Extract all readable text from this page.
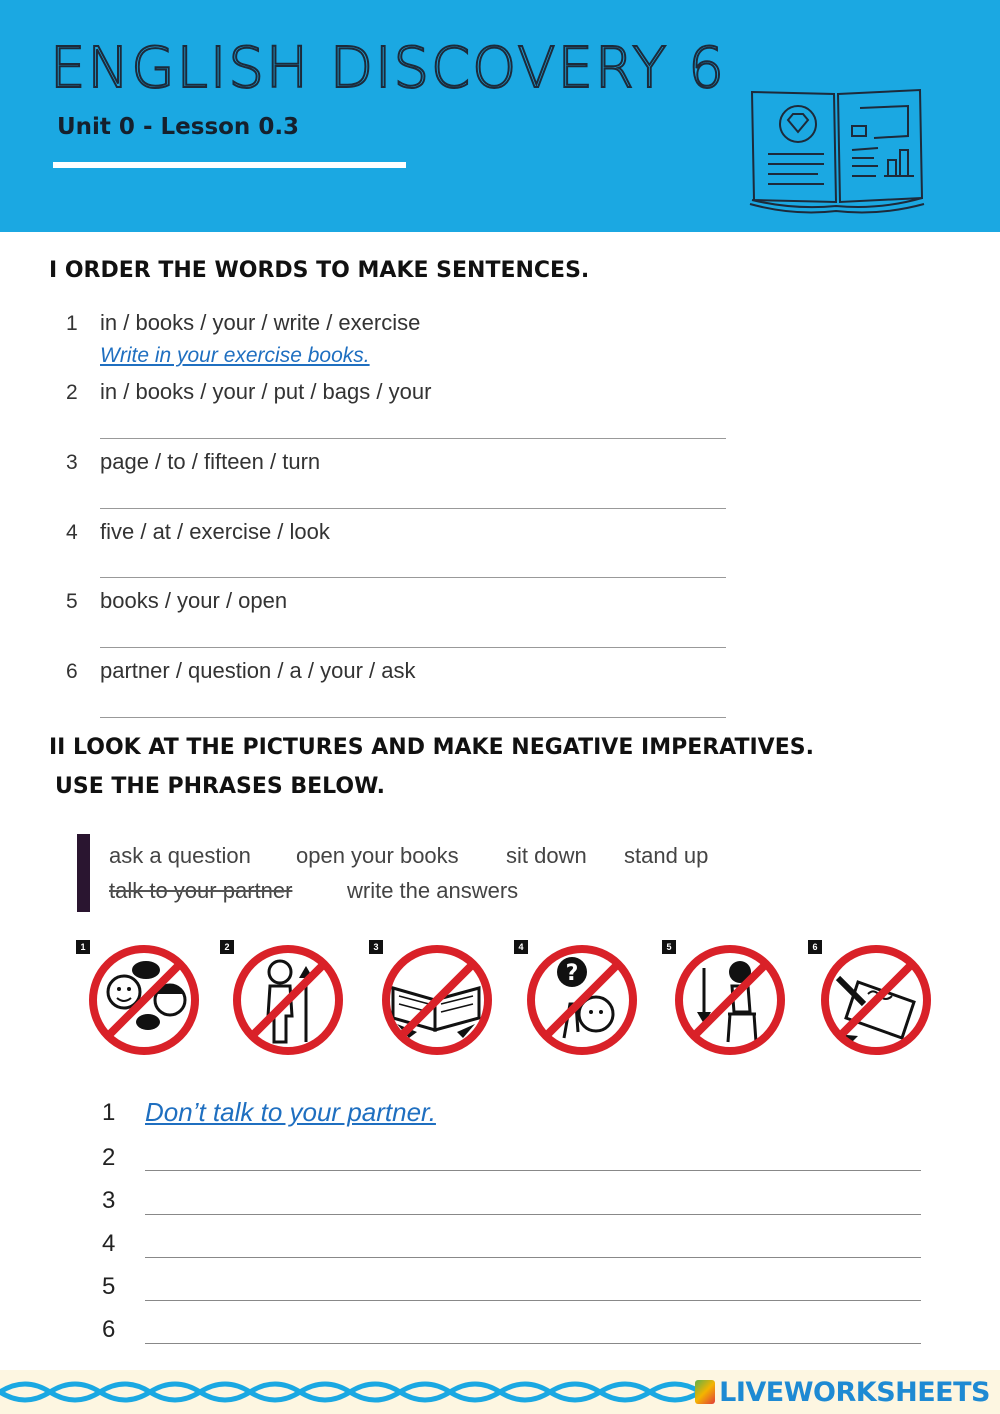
ENGLISH DISCOVERY 6
Unit 0 - Lesson 0.3
I ORDER THE WORDS TO MAKE SENTENCES.
1 in / books / your / write / exercise
Write in your exercise books.
2 in / books / your / put / bags / your
3 page / to / fifteen / turn
4 five / at / exercise / look
5 books / your / open
6 partner / question / a / your / ask
II LOOK AT THE PICTURES AND MAKE NEGATIVE IMPERATIVES.
USE THE PHRASES BELOW.
ask a question open your books sit down stand up
talk to your partner write the answers
1	2	3	4
?
5	6
1 Don’t talk to your partner.
2
3
4
5
6
LIVEWORKSHEETS
